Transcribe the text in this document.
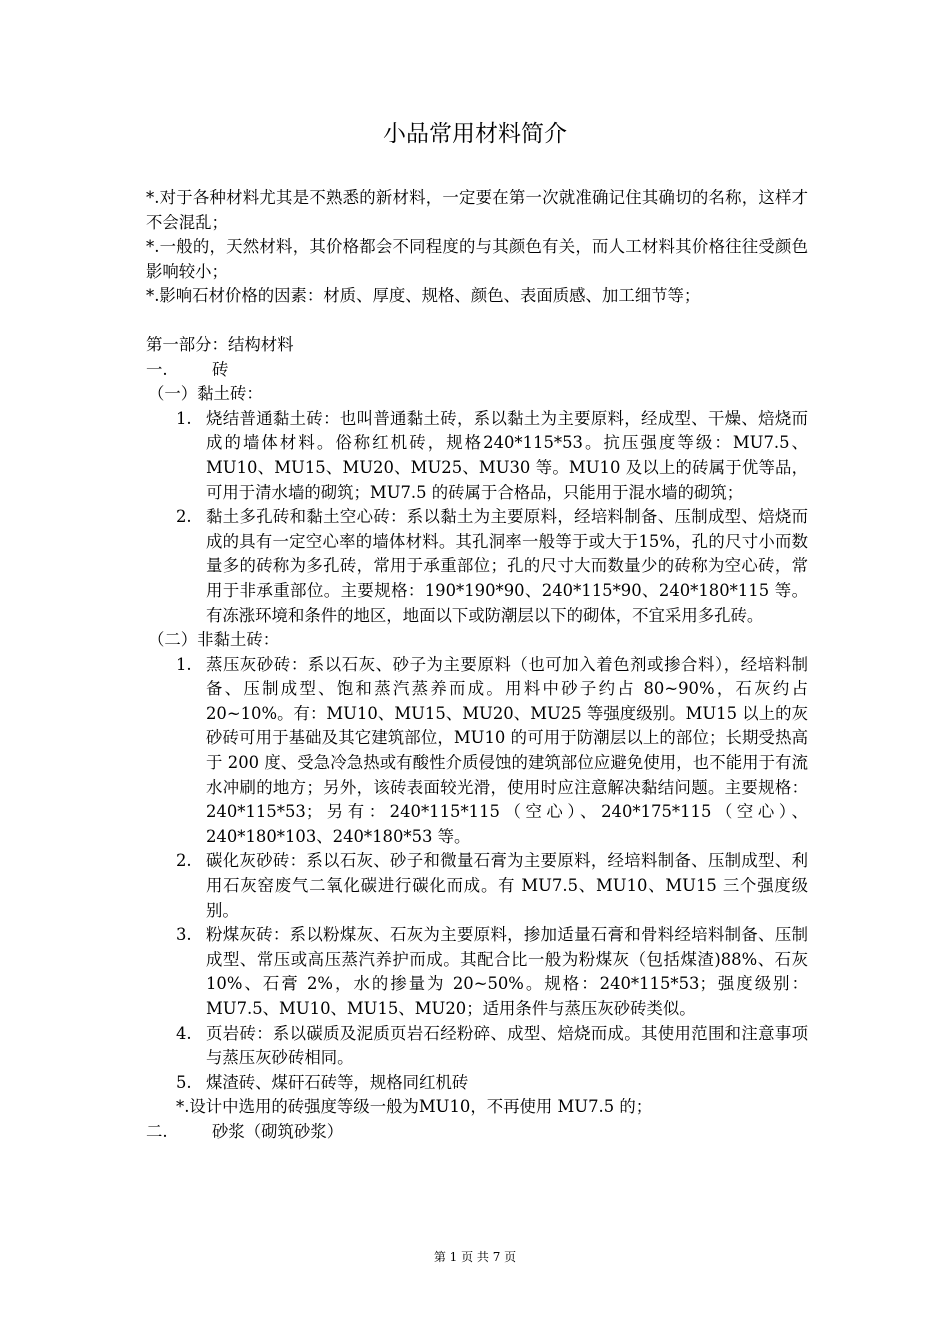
小品常用材料简介

*.对于各种材料尤其是不熟悉的新材料，一定要在第一次就准确记住其确切的名称，这样才不会混乱；

*.一般的，天然材料，其价格都会不同程度的与其颜色有关，而人工材料其价格往往受颜色影响较小；

*.影响石材价格的因素：材质、厚度、规格、颜色、表面质感、加工细节等；

第一部分：结构材料

一.	砖

（一）黏土砖：

1. 烧结普通黏土砖：也叫普通黏土砖，系以黏土为主要原料，经成型、干燥、焙烧而成的墙体材料。俗称红机砖，规格240*115*53。抗压强度等级：MU7.5、MU10、MU15、MU20、MU25、MU30 等。MU10 及以上的砖属于优等品，可用于清水墙的砌筑；MU7.5 的砖属于合格品，只能用于混水墙的砌筑；
2. 黏土多孔砖和黏土空心砖：系以黏土为主要原料，经培料制备、压制成型、焙烧而成的具有一定空心率的墙体材料。其孔洞率一般等于或大于15%，孔的尺寸小而数量多的砖称为多孔砖，常用于承重部位；孔的尺寸大而数量少的砖称为空心砖，常用于非承重部位。主要规格：190*190*90、240*115*90、240*180*115 等。有冻涨环境和条件的地区，地面以下或防潮层以下的砌体，不宜采用多孔砖。

（二）非黏土砖：

1. 蒸压灰砂砖：系以石灰、砂子为主要原料（也可加入着色剂或掺合料），经培料制备、压制成型、饱和蒸汽蒸养而成。用料中砂子约占 80~90%，石灰约占 20~10%。有：MU10、MU15、MU20、MU25 等强度级别。MU15 以上的灰砂砖可用于基础及其它建筑部位，MU10 的可用于防潮层以上的部位；长期受热高于 200 度、受急冷急热或有酸性介质侵蚀的建筑部位应避免使用，也不能用于有流水冲刷的地方；另外，该砖表面较光滑，使用时应注意解决黏结问题。主要规格：240*115*53；另有：240*115*115（空心）、240*175*115（空心）、240*180*103、240*180*53 等。
2. 碳化灰砂砖：系以石灰、砂子和微量石膏为主要原料，经培料制备、压制成型、利用石灰窑废气二氧化碳进行碳化而成。有 MU7.5、MU10、MU15 三个强度级别。
3. 粉煤灰砖：系以粉煤灰、石灰为主要原料，掺加适量石膏和骨料经培料制备、压制成型、常压或高压蒸汽养护而成。其配合比一般为粉煤灰（包括煤渣)88%、石灰 10%、石膏 2%，水的掺量为 20~50%。规格：240*115*53；强度级别：MU7.5、MU10、MU15、MU20；适用条件与蒸压灰砂砖类似。
4. 页岩砖：系以碳质及泥质页岩石经粉碎、成型、焙烧而成。其使用范围和注意事项与蒸压灰砂砖相同。
5. 煤渣砖、煤矸石砖等，规格同红机砖

*.设计中选用的砖强度等级一般为MU10，不再使用 MU7.5 的；

二.	砂浆（砌筑砂浆）
第 1 页 共 7 页
